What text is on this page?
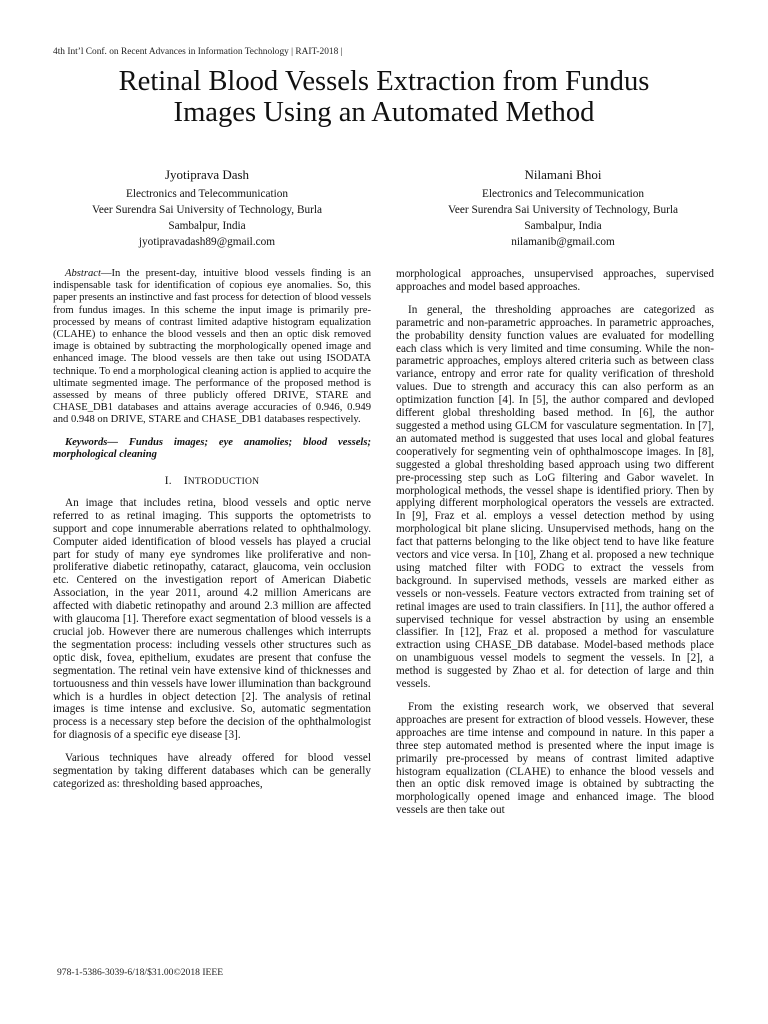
4th Int’l Conf. on Recent Advances in Information Technology | RAIT-2018 |
Retinal Blood Vessels Extraction from Fundus
Images Using an Automated Method
Jyotiprava Dash
Electronics and Telecommunication
Veer Surendra Sai University of Technology, Burla
Sambalpur, India
jyotipravadash89@gmail.com
Nilamani Bhoi
Electronics and Telecommunication
Veer Surendra Sai University of Technology, Burla
Sambalpur, India
nilamanib@gmail.com

Abstract—In the present-day, intuitive blood vessels finding is an indispensable task for identification of copious eye anomalies. So, this paper presents an instinctive and fast process for detection of blood vessels from fundus images. In this scheme the input image is primarily pre-processed by means of contrast limited adaptive histogram equalization (CLAHE) to enhance the blood vessels and then an optic disk removed image is obtained by subtracting the morphologically opened image and enhanced image. The blood vessels are then take out using ISODATA technique. To end a morphological cleaning action is applied to acquire the ultimate segmented image. The performance of the proposed method is assessed by means of three publicly offered DRIVE, STARE and CHASE_DB1 databases and attains average accuracies of 0.946, 0.949 and 0.948 on DRIVE, STARE and CHASE_DB1 databases respectively.

Keywords— Fundus images; eye anamolies; blood vessels; morphological cleaning

I. INTRODUCTION

An image that includes retina, blood vessels and optic nerve referred to as retinal imaging. This supports the optometrists to support and cope innumerable aberrations related to ophthalmology. Computer aided identification of blood vessels has played a crucial part for study of many eye syndromes like proliferative and non-proliferative diabetic retinopathy, cataract, glaucoma, vein occlusion etc. Centered on the investigation report of American Diabetic Association, in the year 2011, around 4.2 million Americans are affected with diabetic retinopathy and around 2.3 million are affected with glaucoma [1]. Therefore exact segmentation of blood vessels is a crucial job. However there are numerous challenges which interrupts the segmentation process: including vessels other structures such as optic disk, fovea, epithelium, exudates are present that confuse the segmentation. The retinal vein have extensive kind of thicknesses and tortuousness and thin vessels have lower illumination than background which is a hurdles in object detection [2]. The analysis of retinal images is time intense and exclusive. So, automatic segmentation process is a necessary step before the decision of the ophthalmologist for diagnosis of a specific eye disease [3].

Various techniques have already offered for blood vessel segmentation by taking different databases which can be generally categorized as: thresholding based approaches,

morphological approaches, unsupervised approaches, supervised approaches and model based approaches.

In general, the thresholding approaches are categorized as parametric and non-parametric approaches. In parametric approaches, the probability density function values are evaluated for modelling each class which is very limited and time consuming. While the non-parametric approaches, employs altered criteria such as between class variance, entropy and error rate for quality verification of threshold values. Due to strength and accuracy this can also perform as an optimization function [4]. In [5], the author compared and devloped different global thresholding based method. In [6], the author suggested a method using GLCM for vasculature segmentation. In [7], an automated method is suggested that uses local and global features cooperatively for segmenting vein of ophthalmoscope images. In [8], suggested a global thresholding based approach using two different pre-processing step such as LoG filtering and Gabor wavelet. In morphological methods, the vessel shape is identified priory. Then by applying different morphological operators the vessels are extracted. In [9], Fraz et al. employs a vessel detection method by using morphological bit plane slicing. Unsupervised methods, hang on the fact that patterns belonging to the like object tend to have like feature vectors and vice versa. In [10], Zhang et al. proposed a new technique using matched filter with FODG to extract the vessels from background. In supervised methods, vessels are marked either as vessels or non-vessels. Feature vectors extracted from training set of retinal images are used to train classifiers. In [11], the author offered a supervised technique for vessel abstraction by using an ensemble classifier. In [12], Fraz et al. proposed a method for vasculature extraction using CHASE_DB database. Model-based methods place on unambiguous vessel models to segment the vessels. In [2], a method is suggested by Zhao et al. for detection of large and thin vessels.

From the existing research work, we observed that several approaches are present for extraction of blood vessels. However, these approaches are time intense and compound in nature. In this paper a three step automated method is presented where the input image is primarily pre-processed by means of contrast limited adaptive histogram equalization (CLAHE) to enhance the blood vessels and then an optic disk removed image is obtained by subtracting the morphologically opened image and enhanced image. The blood vessels are then take out

978-1-5386-3039-6/18/$31.00©2018 IEEE
